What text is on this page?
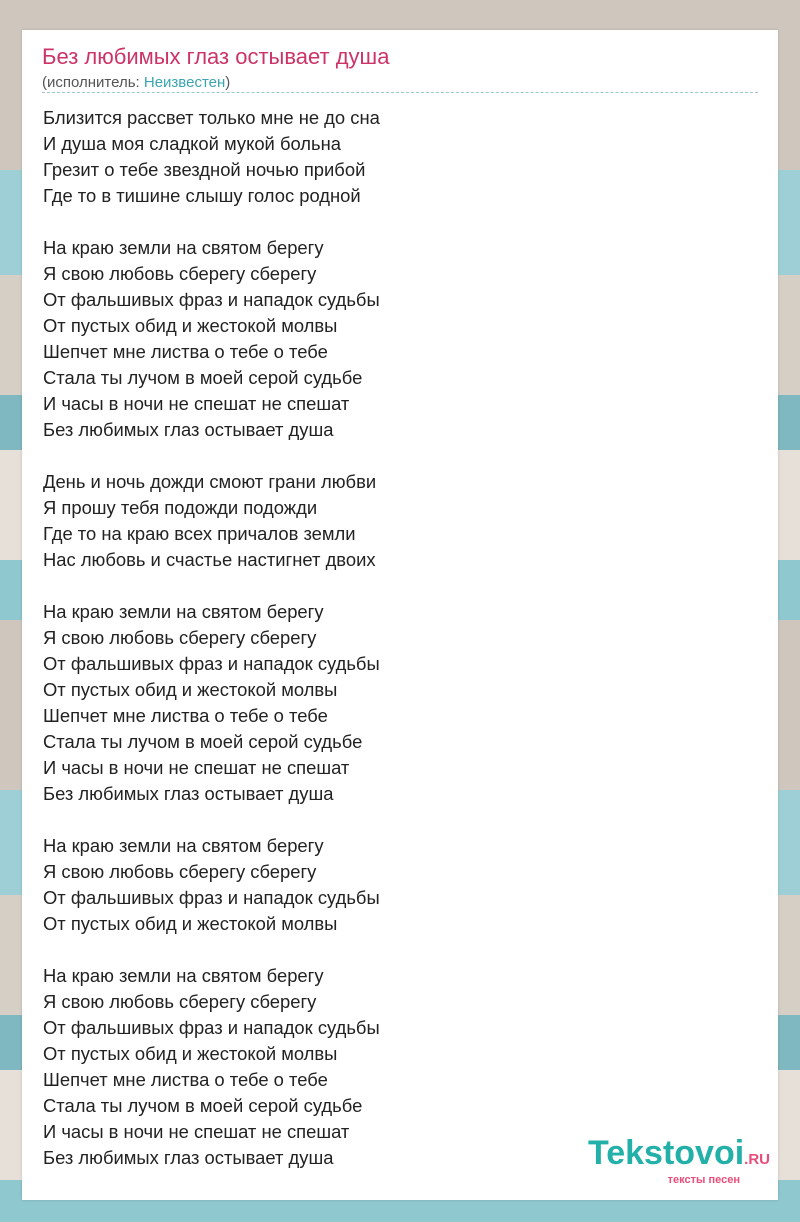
Без любимых глаз остывает душа
(исполнитель: Неизвестен)
Близится рассвет только мне не до сна
И душа моя сладкой мукой больна
Грезит о тебе звездной ночью прибой
Где то в тишине слышу голос родной
На краю земли на святом берегу
Я свою любовь сберегу сберегу
От фальшивых фраз и нападок судьбы
От пустых обид и жестокой молвы
Шепчет мне листва о тебе о тебе
Стала ты лучом в моей серой судьбе
И часы в ночи не спешат не спешат
Без любимых глаз остывает душа
День и ночь дожди смоют грани любви
Я прошу тебя подожди подожди
Где то на краю всех причалов земли
Нас любовь и счастье настигнет двоих
На краю земли на святом берегу
Я свою любовь сберегу сберегу
От фальшивых фраз и нападок судьбы
От пустых обид и жестокой молвы
Шепчет мне листва о тебе о тебе
Стала ты лучом в моей серой судьбе
И часы в ночи не спешат не спешат
Без любимых глаз остывает душа
На краю земли на святом берегу
Я свою любовь сберегу сберегу
От фальшивых фраз и нападок судьбы
От пустых обид и жестокой молвы
На краю земли на святом берегу
Я свою любовь сберегу сберегу
От фальшивых фраз и нападок судьбы
От пустых обид и жестокой молвы
Шепчет мне листва о тебе о тебе
Стала ты лучом в моей серой судьбе
И часы в ночи не спешат не спешат
Без любимых глаз остывает душа	Tekstovoi.RU
тексты песен
